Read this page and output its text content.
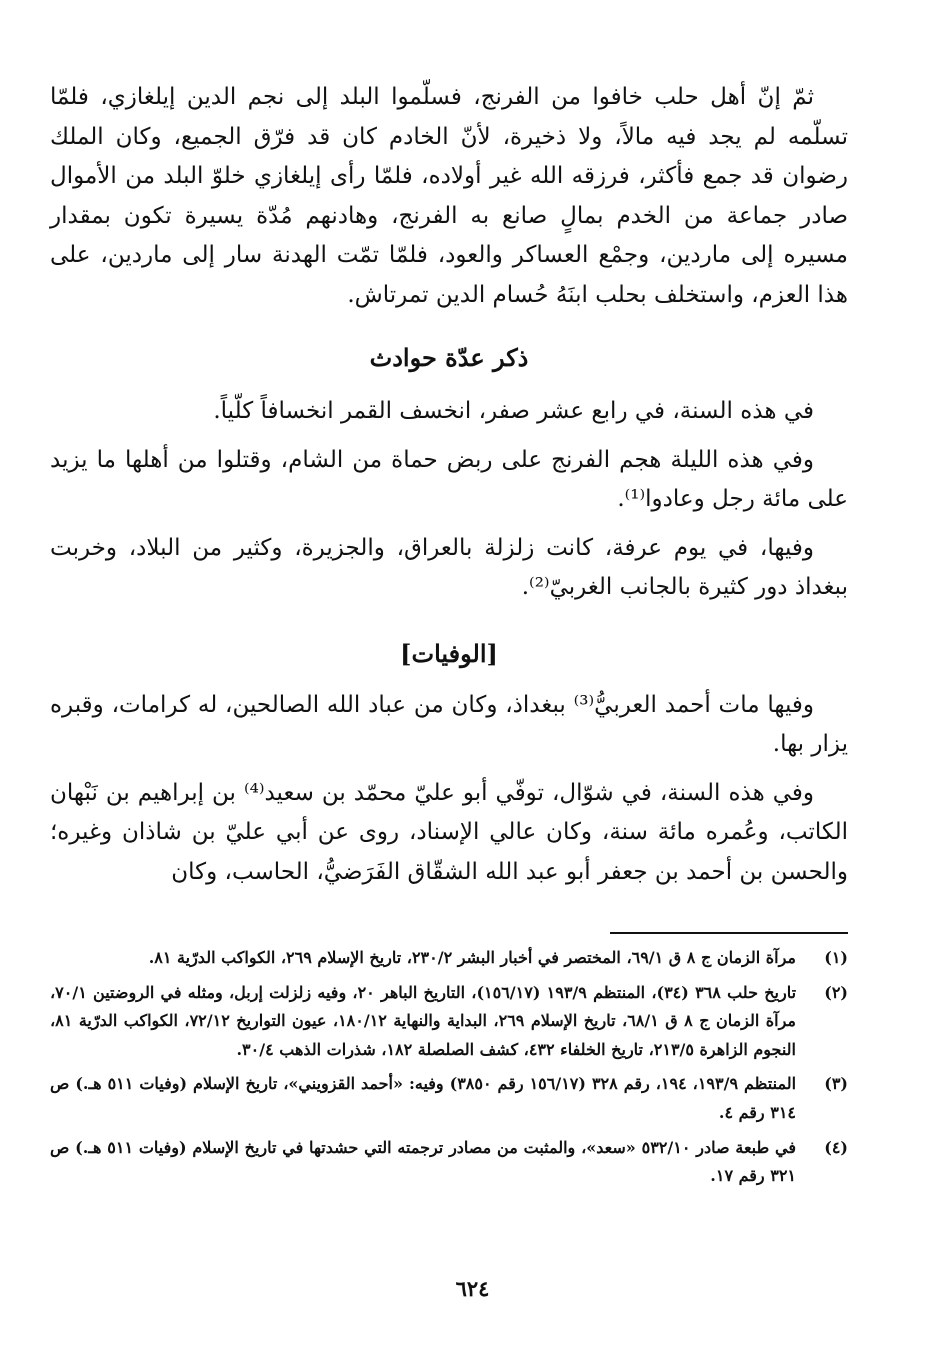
ثمّ إنّ أهل حلب خافوا من الفرنج، فسلّموا البلد إلى نجم الدين إيلغازي، فلمّا تسلّمه لم يجد فيه مالاً، ولا ذخيرة، لأنّ الخادم كان قد فرّق الجميع، وكان الملك رضوان قد جمع فأكثر، فرزقه الله غير أولاده، فلمّا رأى إيلغازي خلوّ البلد من الأموال صادر جماعة من الخدم بمالٍ صانع به الفرنج، وهادنهم مُدّة يسيرة تكون بمقدار مسيره إلى ماردين، وجمْع العساكر والعود، فلمّا تمّت الهدنة سار إلى ماردين، على هذا العزم، واستخلف بحلب ابنَهُ حُسام الدين تمرتاش.

ذكر عدّة حوادث

في هذه السنة، في رابع عشر صفر، انخسف القمر انخسافاً كلّياً.

وفي هذه الليلة هجم الفرنج على ربض حماة من الشام، وقتلوا من أهلها ما يزيد على مائة رجل وعادوا⁽¹⁾.

وفيها، في يوم عرفة، كانت زلزلة بالعراق، والجزيرة، وكثير من البلاد، وخربت ببغداذ دور كثيرة بالجانب الغربيّ⁽²⁾.

[الوفيات]

وفيها مات أحمد العربيُّ⁽³⁾ ببغداذ، وكان من عباد الله الصالحين، له كرامات، وقبره يزار بها.

وفي هذه السنة، في شوّال، توفّي أبو عليّ محمّد بن سعيد⁽⁴⁾ بن إبراهيم بن نَبْهان الكاتب، وعُمره مائة سنة، وكان عالي الإسناد، روى عن أبي عليّ بن شاذان وغيره؛ والحسن بن أحمد بن جعفر أبو عبد الله الشقّاق الفَرَضيُّ، الحاسب، وكان

(١)
مرآة الزمان ج ٨ ق ٦٩/١، المختصر في أخبار البشر ٢٣٠/٢، تاريخ الإسلام ٢٦٩، الكواكب الدرّية ٨١.
(٢)
تاريخ حلب ٣٦٨ (٣٤)، المنتظم ١٩٣/٩ (١٥٦/١٧)، التاريخ الباهر ٢٠، وفيه زلزلت إربل، ومثله في الروضتين ٧٠/١، مرآة الزمان ج ٨ ق ٦٨/١، تاريخ الإسلام ٢٦٩، البداية والنهاية ١٨٠/١٢، عيون التواريخ ٧٢/١٢، الكواكب الدرّية ٨١، النجوم الزاهرة ٢١٣/٥، تاريخ الخلفاء ٤٣٢، كشف الصلصلة ١٨٢، شذرات الذهب ٣٠/٤.
(٣)
المنتظم ١٩٣/٩، ١٩٤، رقم ٣٢٨ (١٥٦/١٧ رقم ٣٨٥٠) وفيه: «أحمد القزويني»، تاريخ الإسلام (وفيات ٥١١ هـ.) ص ٣١٤ رقم ٤.
(٤)
في طبعة صادر ٥٣٢/١٠ «سعد»، والمثبت من مصادر ترجمته التي حشدتها في تاريخ الإسلام (وفيات ٥١١ هـ.) ص ٣٢١ رقم ١٧.
٦٢٤
